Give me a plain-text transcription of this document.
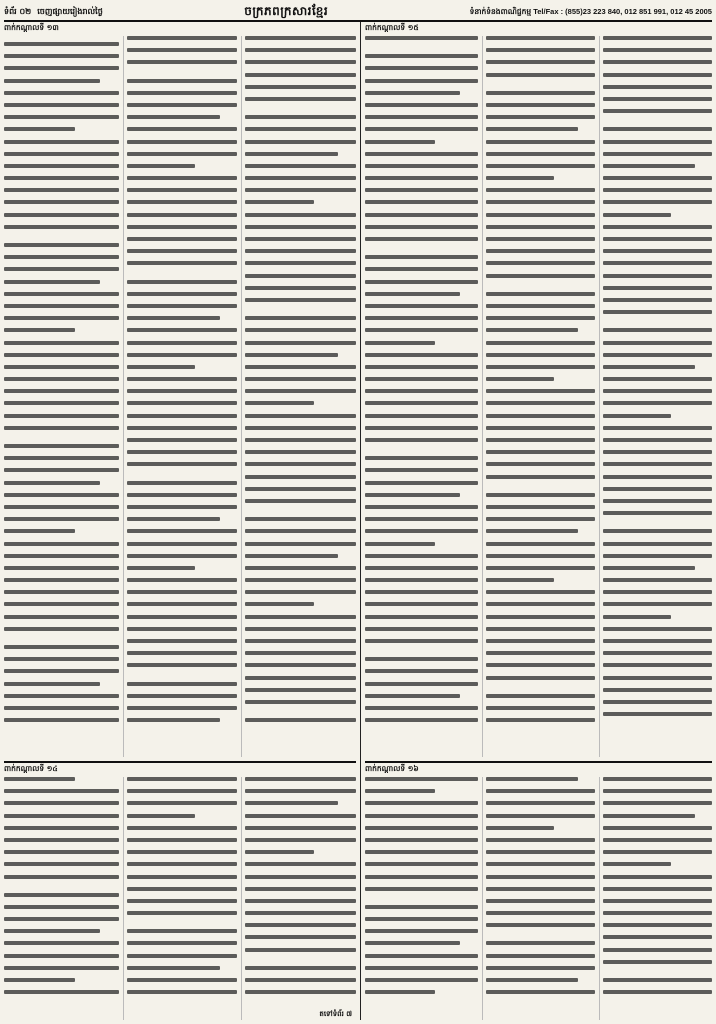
ទំព័រ​ ០២ ចេញផ្សាយរៀងរាល់ថ្ងៃ	ចក្រភពក្រសារខ្មែរ	ទំនាក់ទំនងពាណិជ្ជកម្ម Tel/Fax : (855)23 223 840, 012 851 991, 012 45 2005
ពាក់កណ្តាល​ទី ១៣
ពាក់កណ្តាល​ទី ១៤
តទៅទំព័រ ៧
ពាក់កណ្តាល​ទី ១៥
ពាក់កណ្តាល​ទី ១៦
